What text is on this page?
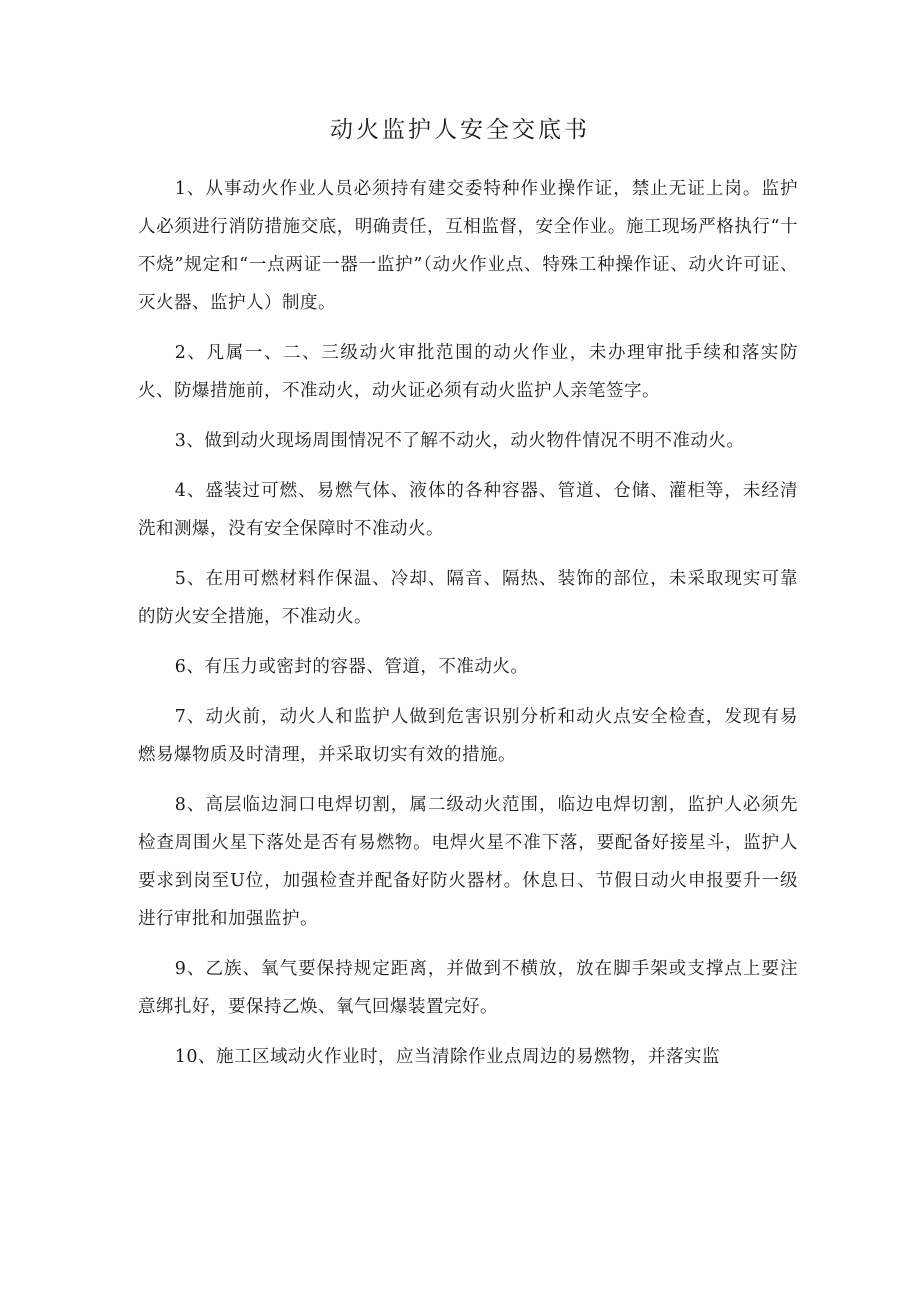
动火监护人安全交底书

1、从事动火作业人员必须持有建交委特种作业操作证，禁止无证上岗。监护人必须进行消防措施交底，明确责任，互相监督，安全作业。施工现场严格执行“十不烧”规定和“一点两证一器一监护”（动火作业点、特殊工种操作证、动火许可证、灭火器、监护人）制度。

2、凡属一、二、三级动火审批范围的动火作业，未办理审批手续和落实防火、防爆措施前，不准动火，动火证必须有动火监护人亲笔签字。

3、做到动火现场周围情况不了解不动火，动火物件情况不明不准动火。

4、盛装过可燃、易燃气体、液体的各种容器、管道、仓储、灌柜等，未经清洗和测爆，没有安全保障时不准动火。

5、在用可燃材料作保温、冷却、隔音、隔热、装饰的部位，未采取现实可靠的防火安全措施，不准动火。

6、有压力或密封的容器、管道，不准动火。

7、动火前，动火人和监护人做到危害识别分析和动火点安全检查，发现有易燃易爆物质及时清理，并采取切实有效的措施。

8、高层临边洞口电焊切割，属二级动火范围，临边电焊切割，监护人必须先检查周围火星下落处是否有易燃物。电焊火星不准下落，要配备好接星斗，监护人要求到岗至U位，加强检查并配备好防火器材。休息日、节假日动火申报要升一级进行审批和加强监护。

9、乙族、氧气要保持规定距离，并做到不横放，放在脚手架或支撑点上要注意绑扎好，要保持乙焕、氧气回爆装置完好。

10、施工区域动火作业时，应当清除作业点周边的易燃物，并落实监
